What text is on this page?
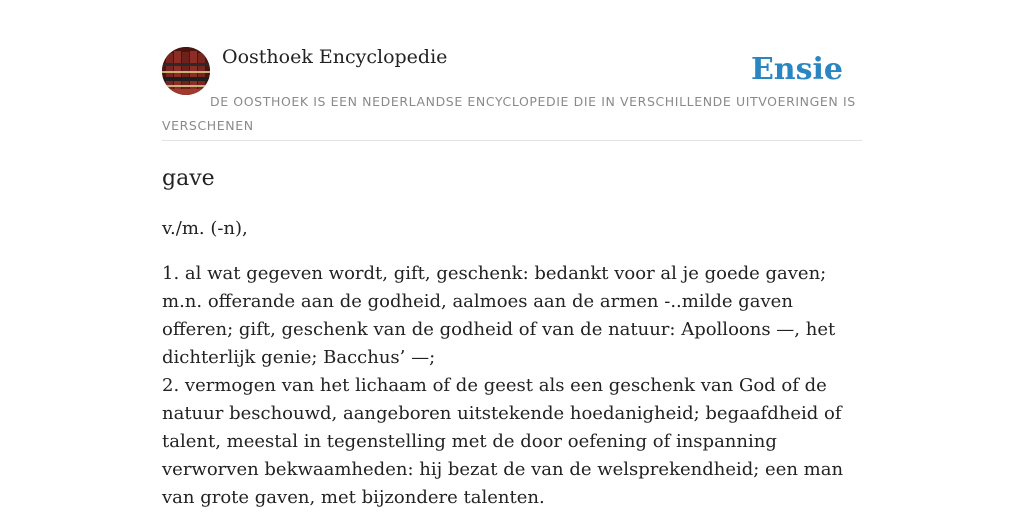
Oosthoek Encyclopedie	Ensie

DE OOSTHOEK IS EEN NEDERLANDSE ENCYCLOPEDIE DIE IN VERSCHILLENDE UITVOERINGEN IS VERSCHENEN

gave

v./m. (-n),

1. al wat gegeven wordt, gift, geschenk: bedankt voor al je goede gaven; m.n. offerande aan de godheid, aalmoes aan de armen -..milde gaven offeren; gift, geschenk van de godheid of van de natuur: Apolloons —, het dichterlijk genie; Bacchus’ —;

2. vermogen van het lichaam of de geest als een geschenk van God of de natuur beschouwd, aangeboren uitstekende hoedanigheid; begaafdheid of talent, meestal in tegenstelling met de door oefening of inspanning verworven bekwaamheden: hij bezat de van de welsprekendheid; een man van grote gaven, met bijzondere talenten.
